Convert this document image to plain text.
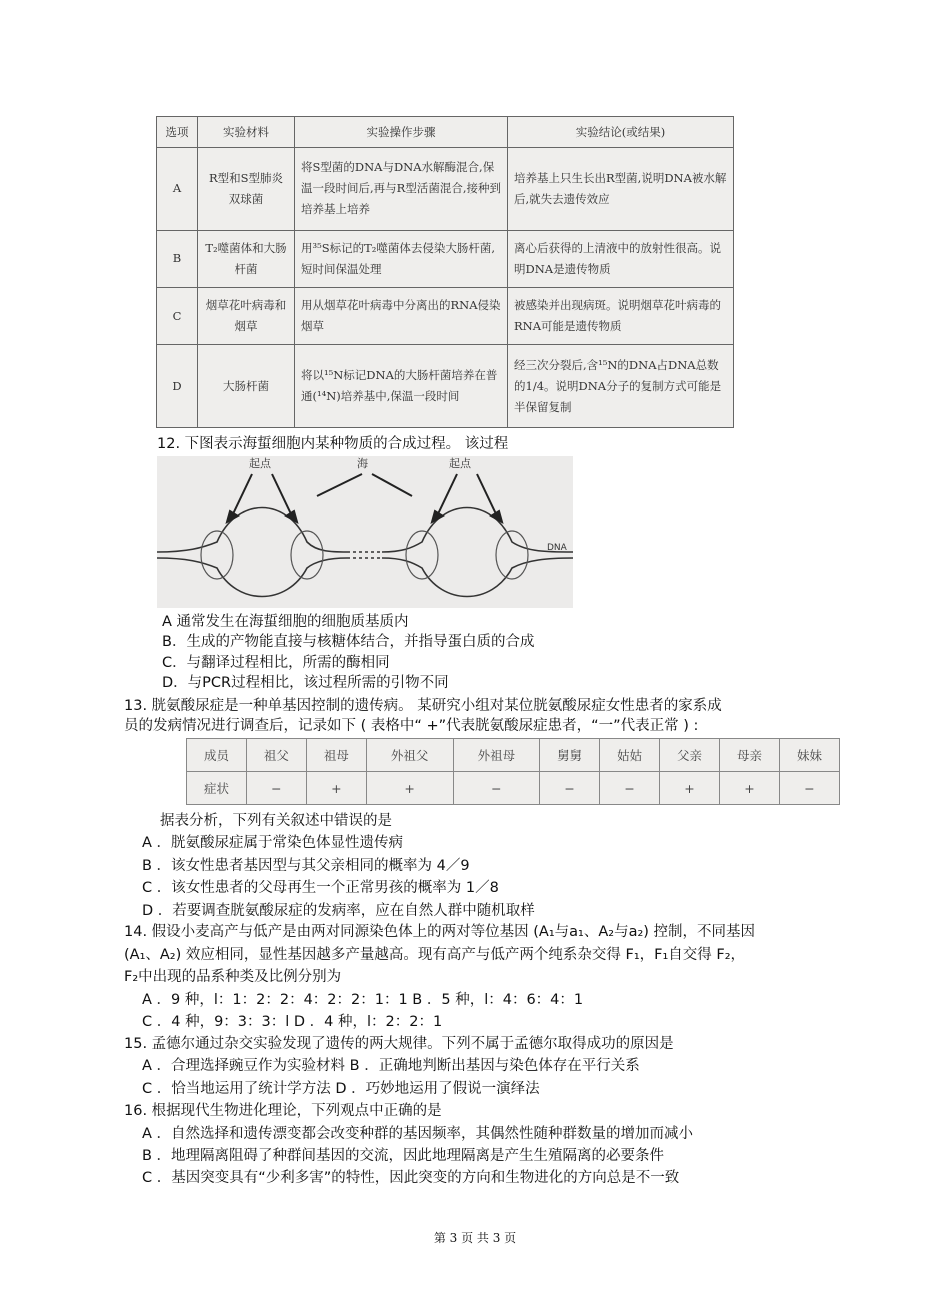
选项	实验材料	实验操作步骤	实验结论(或结果)
A	R型和S型肺炎双球菌	将S型菌的DNA与DNA水解酶混合,保温一段时间后,再与R型活菌混合,接种到培养基上培养	培养基上只生长出R型菌,说明DNA被水解后,就失去遗传效应
B	T₂噬菌体和大肠杆菌	用³⁵S标记的T₂噬菌体去侵染大肠杆菌,短时间保温处理	离心后获得的上清液中的放射性很高。说明DNA是遗传物质
C	烟草花叶病毒和烟草	用从烟草花叶病毒中分离出的RNA侵染烟草	被感染并出现病斑。说明烟草花叶病毒的RNA可能是遗传物质
D	大肠杆菌	将以¹⁵N标记DNA的大肠杆菌培养在普通(¹⁴N)培养基中,保温一段时间	经三次分裂后,含¹⁵N的DNA占DNA总数的1/4。说明DNA分子的复制方式可能是半保留复制
12. 下图表示海蜇细胞内某种物质的合成过程。 该过程
起点	海	起点
DNA
A 通常发生在海蜇细胞的细胞质基质内
B．生成的产物能直接与核糖体结合，并指导蛋白质的合成
C．与翻译过程相比，所需的酶相同
D．与PCR过程相比，该过程所需的引物不同
13. 胱氨酸尿症是一种单基因控制的遗传病。 某研究小组对某位胱氨酸尿症女性患者的家系成
员的发病情况进行调查后，记录如下 ( 表格中“ +”代表胱氨酸尿症患者，“一”代表正常 ) :
成员	祖父	祖母	外祖父	外祖母	舅舅	姑姑	父亲	母亲	妹妹
症状	−	+	+	−	−	−	+	+	−
据表分析，下列有关叙述中错误的是
A ．胱氨酸尿症属于常染色体显性遗传病
B ．该女性患者基因型与其父亲相同的概率为 4／9
C ．该女性患者的父母再生一个正常男孩的概率为 1／8
D ．若要调查胱氨酸尿症的发病率，应在自然人群中随机取样
14. 假设小麦高产与低产是由两对同源染色体上的两对等位基因 (A₁与a₁、A₂与a₂) 控制，不同基因
(A₁、A₂) 效应相同，显性基因越多产量越高。现有高产与低产两个纯系杂交得 F₁，F₁自交得 F₂，
F₂中出现的品系种类及比例分别为
A ．9 种，l：1：2：2：4：2：2：1：1 B ．5 种，l：4：6：4：1
C ．4 种，9：3：3：l D ．4 种，l：2：2：1
15. 孟德尔通过杂交实验发现了遗传的两大规律。下列不属于孟德尔取得成功的原因是
A ．合理选择豌豆作为实验材料 B ．正确地判断出基因与染色体存在平行关系
C ．恰当地运用了统计学方法 D ．巧妙地运用了假说一演绎法
16. 根据现代生物进化理论，下列观点中正确的是
A ．自然选择和遗传漂变都会改变种群的基因频率，其偶然性随种群数量的增加而减小
B ．地理隔离阻碍了种群间基因的交流，因此地理隔离是产生生殖隔离的必要条件
C ．基因突变具有“少利多害”的特性，因此突变的方向和生物进化的方向总是不一致
第 3 页 共 3 页
